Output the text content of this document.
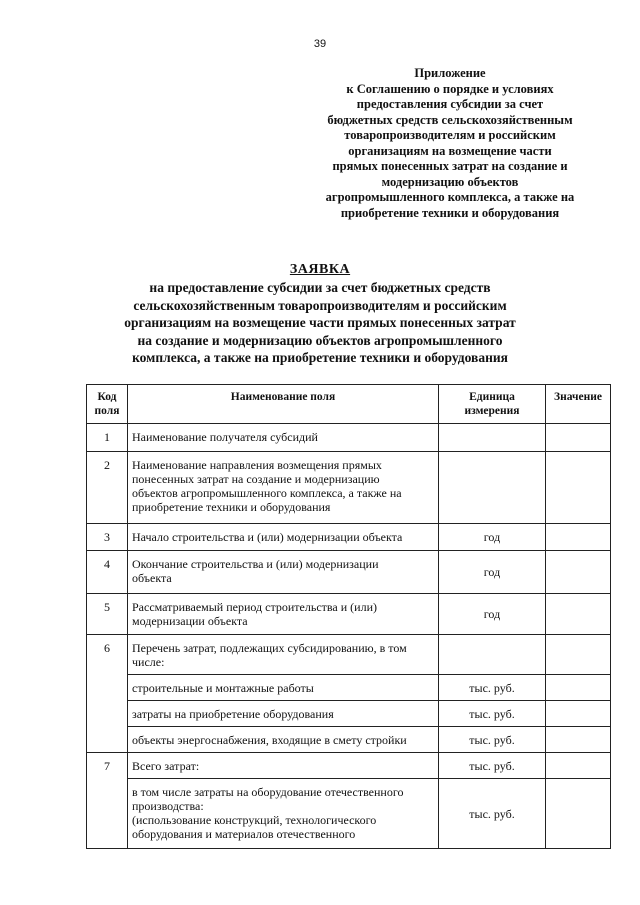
39
Приложение
к Соглашению о порядке и условиях
предоставления субсидии за счет
бюджетных средств сельскохозяйственным
товаропроизводителям и российским
организациям на возмещение части
прямых понесенных затрат на создание и
модернизацию объектов
агропромышленного комплекса, а также на
приобретение техники и оборудования
ЗАЯВКА
на предоставление субсидии за счет бюджетных средств
сельскохозяйственным товаропроизводителям и российским
организациям на возмещение части прямых понесенных затрат
на создание и модернизацию объектов агропромышленного
комплекса, а также на приобретение техники и оборудования
Код
поля	Наименование поля	Единица
измерения	Значение
1	Наименование получателя субсидий		

2	Наименование направления возмещения прямых
понесенных затрат на создание и модернизацию
объектов агропромышленного комплекса, а также на
приобретение техники и оборудования		

3	Начало строительства и (или) модернизации объекта	год	
4	Окончание строительства и (или) модернизации
объекта	год	
5	Рассматриваемый период строительства и (или)
модернизации объекта	год	
6	Перечень затрат, подлежащих субсидированию, в том
числе:		

	строительные и монтажные работы	тыс. руб.	

	затраты на приобретение оборудования	тыс. руб.	

	объекты энергоснабжения, входящие в смету стройки	тыс. руб.	
7	Всего затрат:	тыс. руб.	

	в том числе затраты на оборудование отечественного
производства:
(использование конструкций, технологического
оборудования и материалов отечественного	тыс. руб.	
